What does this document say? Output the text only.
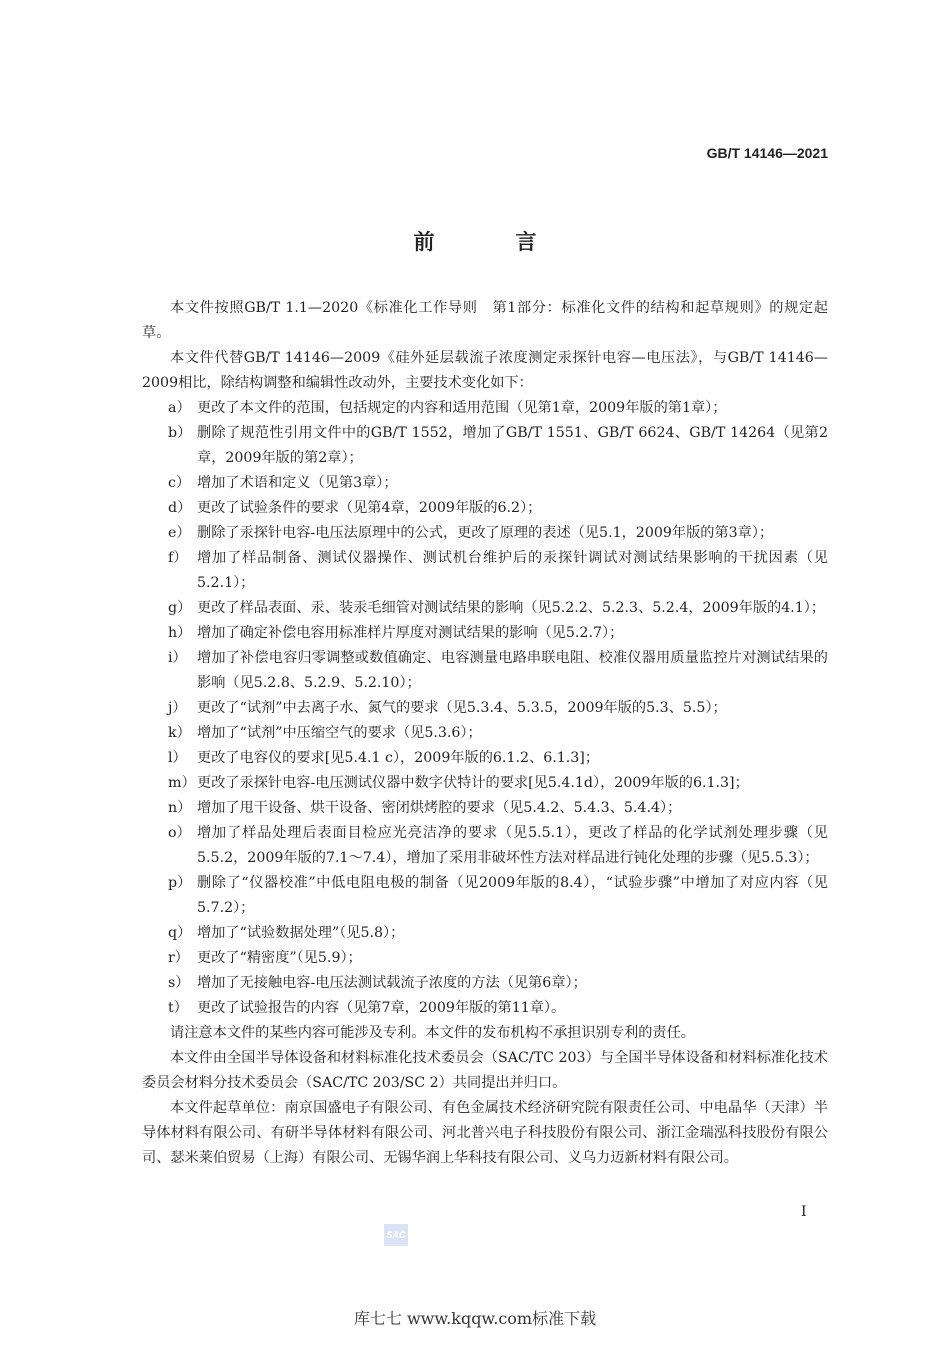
GB/T 14146—2021
前　言

本文件按照GB/T 1.1—2020《标准化工作导则　第1部分：标准化文件的结构和起草规则》的规定起草。

本文件代替GB/T 14146—2009《硅外延层载流子浓度测定汞探针电容—电压法》，与GB/T 14146—2009相比，除结构调整和编辑性改动外，主要技术变化如下：

a） 更改了本文件的范围，包括规定的内容和适用范围（见第1章，2009年版的第1章）；
b） 删除了规范性引用文件中的GB/T 1552，增加了GB/T 1551、GB/T 6624、GB/T 14264（见第2章，2009年版的第2章）；
c） 增加了术语和定义（见第3章）；
d） 更改了试验条件的要求（见第4章，2009年版的6.2）；
e） 删除了汞探针电容-电压法原理中的公式，更改了原理的表述（见5.1，2009年版的第3章）；
f） 增加了样品制备、测试仪器操作、测试机台维护后的汞探针调试对测试结果影响的干扰因素（见5.2.1）；
g） 更改了样品表面、汞、装汞毛细管对测试结果的影响（见5.2.2、5.2.3、5.2.4，2009年版的4.1）；
h） 增加了确定补偿电容用标准样片厚度对测试结果的影响（见5.2.7）；
i） 增加了补偿电容归零调整或数值确定、电容测量电路串联电阻、校准仪器用质量监控片对测试结果的影响（见5.2.8、5.2.9、5.2.10）；
j） 更改了“试剂”中去离子水、氮气的要求（见5.3.4、5.3.5，2009年版的5.3、5.5）；
k） 增加了“试剂”中压缩空气的要求（见5.3.6）；
l） 更改了电容仪的要求[见5.4.1 c），2009年版的6.1.2、6.1.3]；
m） 更改了汞探针电容-电压测试仪器中数字伏特计的要求[见5.4.1d），2009年版的6.1.3]；
n） 增加了甩干设备、烘干设备、密闭烘烤腔的要求（见5.4.2、5.4.3、5.4.4）；
o） 增加了样品处理后表面目检应光亮洁净的要求（见5.5.1），更改了样品的化学试剂处理步骤（见5.5.2，2009年版的7.1～7.4），增加了采用非破坏性方法对样品进行钝化处理的步骤（见5.5.3）；
p） 删除了“仪器校准”中低电阻电极的制备（见2009年版的8.4），“试验步骤”中增加了对应内容（见5.7.2）；
q） 增加了“试验数据处理”（见5.8）；
r） 更改了“精密度”（见5.9）；
s） 增加了无接触电容-电压法测试载流子浓度的方法（见第6章）；
t） 更改了试验报告的内容（见第7章，2009年版的第11章）。

请注意本文件的某些内容可能涉及专利。本文件的发布机构不承担识别专利的责任。

本文件由全国半导体设备和材料标准化技术委员会（SAC/TC 203）与全国半导体设备和材料标准化技术委员会材料分技术委员会（SAC/TC 203/SC 2）共同提出并归口。

本文件起草单位：南京国盛电子有限公司、有色金属技术经济研究院有限责任公司、中电晶华（天津）半导体材料有限公司、有研半导体材料有限公司、河北普兴电子科技股份有限公司、浙江金瑞泓科技股份有限公司、瑟米莱伯贸易（上海）有限公司、无锡华润上华科技有限公司、义乌力迈新材料有限公司。

I
SAC
库七七 www.kqqw.com标准下载
